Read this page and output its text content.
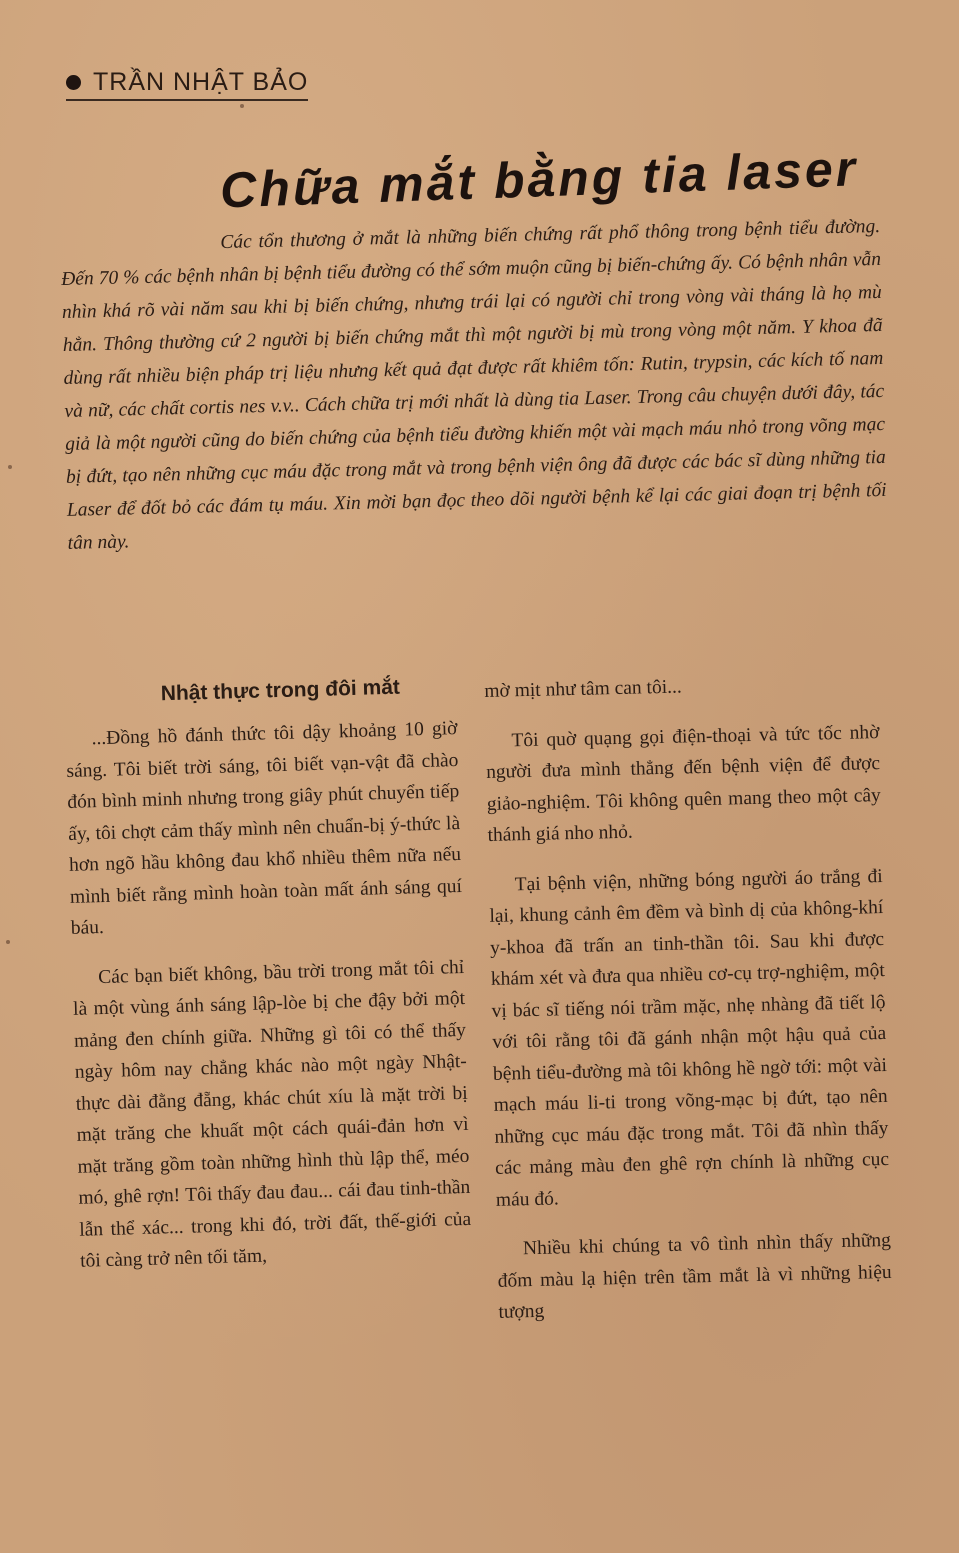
TRẦN NHẬT BẢO
Chữa mắt bằng tia laser
Các tổn thương ở mắt là những biến chứng rất phổ thông trong bệnh tiểu đường. Đến 70 % các bệnh nhân bị bệnh tiểu đường có thể sớm muộn cũng bị biến-chứng ấy. Có bệnh nhân vẫn nhìn khá rõ vài năm sau khi bị biến chứng, nhưng trái lại có người chỉ trong vòng vài tháng là họ mù hẳn. Thông thường cứ 2 người bị biến chứng mắt thì một người bị mù trong vòng một năm. Y khoa đã dùng rất nhiều biện pháp trị liệu nhưng kết quả đạt được rất khiêm tốn: Rutin, trypsin, các kích tố nam và nữ, các chất cortis nes v.v.. Cách chữa trị mới nhất là dùng tia Laser. Trong câu chuyện dưới đây, tác giả là một người cũng do biến chứng của bệnh tiểu đường khiến một vài mạch máu nhỏ trong võng mạc bị đứt, tạo nên những cục máu đặc trong mắt và trong bệnh viện ông đã được các bác sĩ dùng những tia Laser để đốt bỏ các đám tụ máu. Xin mời bạn đọc theo dõi người bệnh kể lại các giai đoạn trị bệnh tối tân này.
Nhật thực trong đôi mắt

...Đồng hồ đánh thức tôi dậy khoảng 10 giờ sáng. Tôi biết trời sáng, tôi biết vạn-vật đã chào đón bình minh nhưng trong giây phút chuyển tiếp ấy, tôi chợt cảm thấy mình nên chuẩn-bị ý-thức là hơn ngõ hầu không đau khổ nhiều thêm nữa nếu mình biết rằng mình hoàn toàn mất ánh sáng quí báu.

Các bạn biết không, bầu trời trong mắt tôi chỉ là một vùng ánh sáng lập-lòe bị che đậy bởi một mảng đen chính giữa. Những gì tôi có thể thấy ngày hôm nay chẳng khác nào một ngày Nhật-thực dài đằng đẵng, khác chút xíu là mặt trời bị mặt trăng che khuất một cách quái-đản hơn vì mặt trăng gồm toàn những hình thù lập thể, méo mó, ghê rợn! Tôi thấy đau đau... cái đau tinh-thần lẫn thể xác... trong khi đó, trời đất, thế-giới của tôi càng trở nên tối tăm,

mờ mịt như tâm can tôi...

Tôi quờ quạng gọi điện-thoại và tức tốc nhờ người đưa mình thẳng đến bệnh viện để được giảo-nghiệm. Tôi không quên mang theo một cây thánh giá nho nhỏ.

Tại bệnh viện, những bóng người áo trắng đi lại, khung cảnh êm đềm và bình dị của không-khí y-khoa đã trấn an tinh-thần tôi. Sau khi được khám xét và đưa qua nhiều cơ-cụ trợ-nghiệm, một vị bác sĩ tiếng nói trầm mặc, nhẹ nhàng đã tiết lộ với tôi rằng tôi đã gánh nhận một hậu quả của bệnh tiểu-đường mà tôi không hề ngờ tới: một vài mạch máu li-ti trong võng-mạc bị đứt, tạo nên những cục máu đặc trong mắt. Tôi đã nhìn thấy các mảng màu đen ghê rợn chính là những cục máu đó.

Nhiều khi chúng ta vô tình nhìn thấy những đốm màu lạ hiện trên tầm mắt là vì những hiệu tượng
